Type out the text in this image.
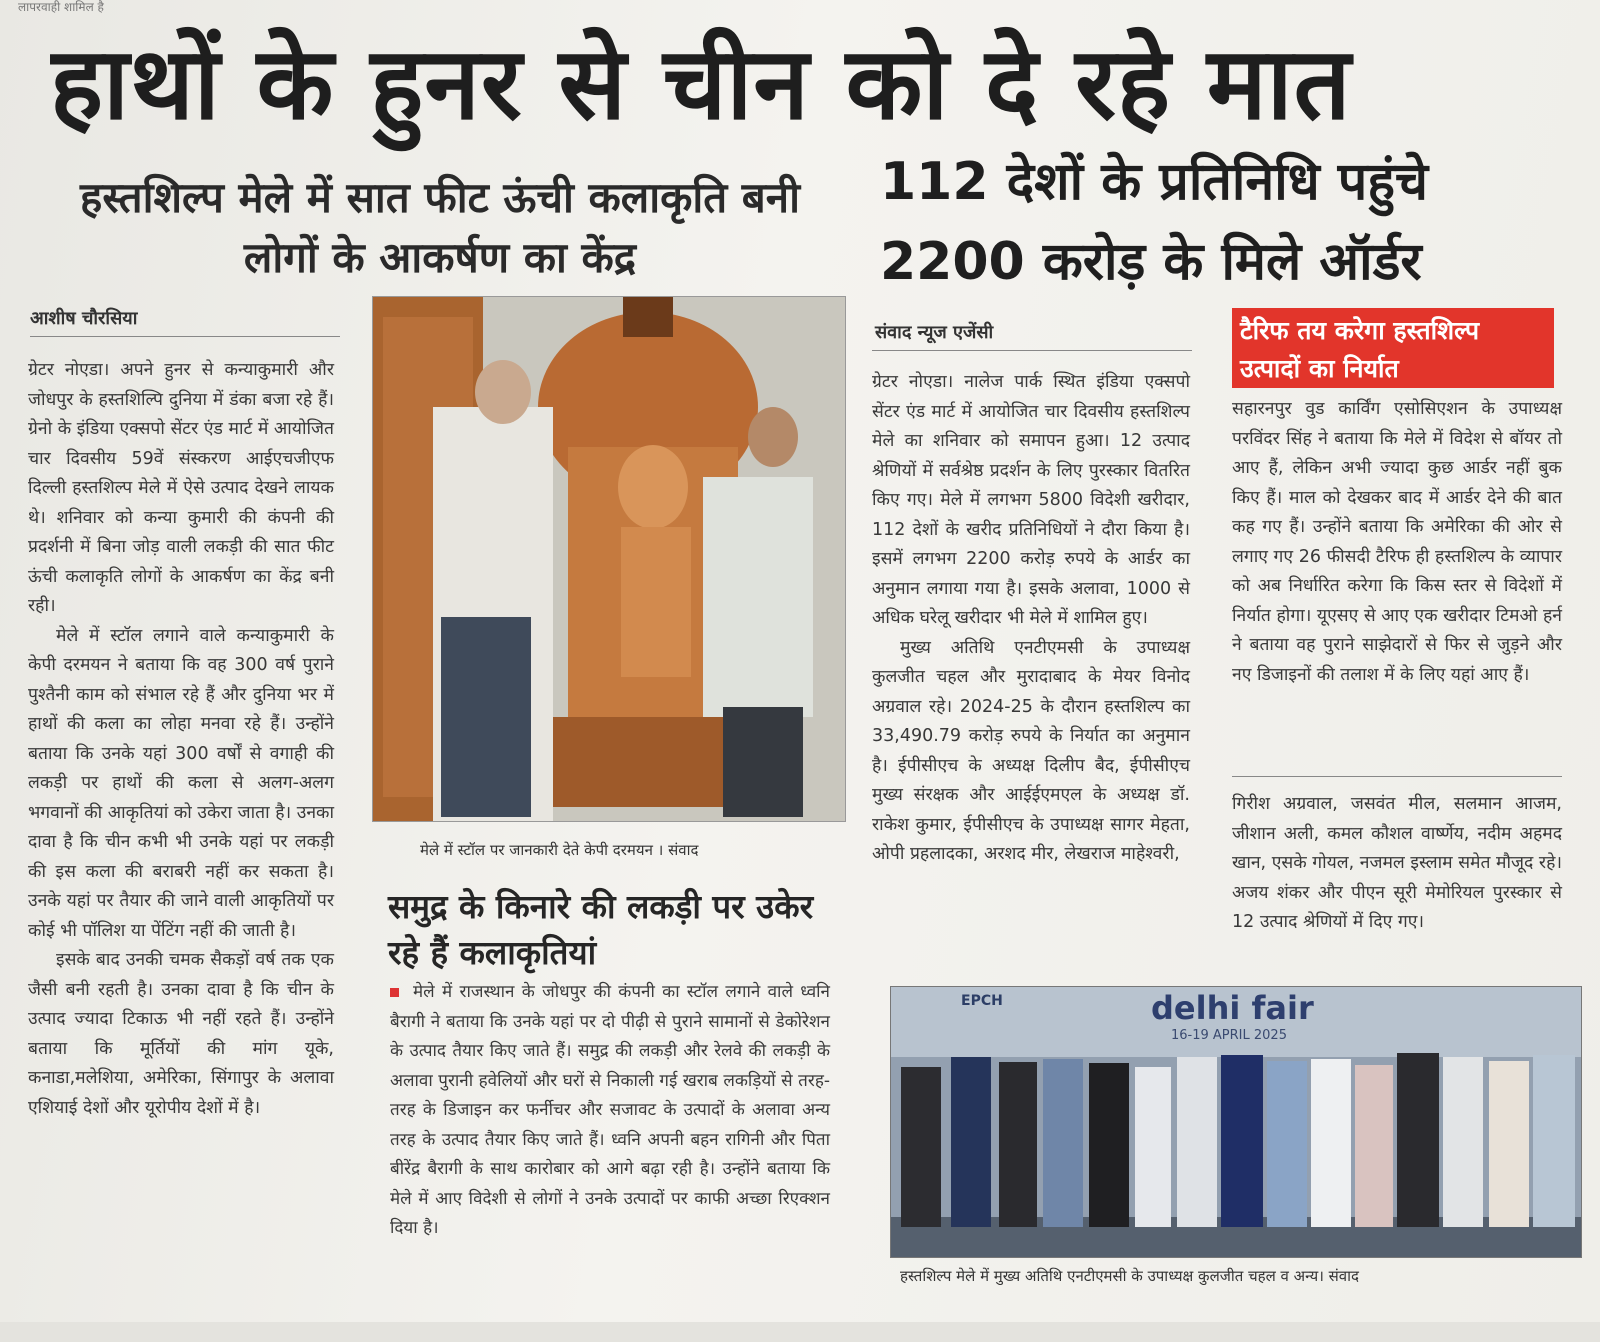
लापरवाही शामिल है
हाथों के हुनर से चीन को दे रहे मात
हस्तशिल्प मेले में सात फीट ऊंची कलाकृति बनी लोगों के आकर्षण का केंद्र
112 देशों के प्रतिनिधि पहुंचे
2200 करोड़ के मिले ऑर्डर
आशीष चौरसिया

ग्रेटर नोएडा। अपने हुनर से कन्याकुमारी और जोधपुर के हस्तशिल्पि दुनिया में डंका बजा रहे हैं। ग्रेनो के इंडिया एक्सपो सेंटर एंड मार्ट में आयोजित चार दिवसीय 59वें संस्करण आईएचजीएफ दिल्ली हस्तशिल्प मेले में ऐसे उत्पाद देखने लायक थे। शनिवार को कन्या कुमारी की कंपनी की प्रदर्शनी में बिना जोड़ वाली लकड़ी की सात फीट ऊंची कलाकृति लोगों के आकर्षण का केंद्र बनी रही।

मेले में स्टॉल लगाने वाले कन्याकुमारी के केपी दरमयन ने बताया कि वह 300 वर्ष पुराने पुश्तैनी काम को संभाल रहे हैं और दुनिया भर में हाथों की कला का लोहा मनवा रहे हैं। उन्होंने बताया कि उनके यहां 300 वर्षों से वगाही की लकड़ी पर हाथों की कला से अलग-अलग भगवानों की आकृतियां को उकेरा जाता है। उनका दावा है कि चीन कभी भी उनके यहां पर लकड़ी की इस कला की बराबरी नहीं कर सकता है। उनके यहां पर तैयार की जाने वाली आकृतियों पर कोई भी पॉलिश या पेंटिंग नहीं की जाती है।

इसके बाद उनकी चमक सैकड़ों वर्ष तक एक जैसी बनी रहती है। उनका दावा है कि चीन के उत्पाद ज्यादा टिकाऊ भी नहीं रहते हैं। उन्होंने बताया कि मूर्तियों की मांग यूके, कनाडा,मलेशिया, अमेरिका, सिंगापुर के अलावा एशियाई देशों और यूरोपीय देशों में है।

मेले में स्टॉल पर जानकारी देते केपी दरमयन । संवाद
समुद्र के किनारे की लकड़ी पर उकेर रहे हैं कलाकृतियां
मेले में राजस्थान के जोधपुर की कंपनी का स्टॉल लगाने वाले ध्वनि बैरागी ने बताया कि उनके यहां पर दो पीढ़ी से पुराने सामानों से डेकोरेशन के उत्पाद तैयार किए जाते हैं। समुद्र की लकड़ी और रेलवे की लकड़ी के अलावा पुरानी हवेलियों और घरों से निकाली गई खराब लकड़ियों से तरह-तरह के डिजाइन कर फर्नीचर और सजावट के उत्पादों के अलावा अन्य तरह के उत्पाद तैयार किए जाते हैं। ध्वनि अपनी बहन रागिनी और पिता बीरेंद्र बैरागी के साथ कारोबार को आगे बढ़ा रही है। उन्होंने बताया कि मेले में आए विदेशी से लोगों ने उनके उत्पादों पर काफी अच्छा रिएक्शन दिया है।
संवाद न्यूज एजेंसी

ग्रेटर नोएडा। नालेज पार्क स्थित इंडिया एक्सपो सेंटर एंड मार्ट में आयोजित चार दिवसीय हस्तशिल्प मेले का शनिवार को समापन हुआ। 12 उत्पाद श्रेणियों में सर्वश्रेष्ठ प्रदर्शन के लिए पुरस्कार वितरित किए गए। मेले में लगभग 5800 विदेशी खरीदार, 112 देशों के खरीद प्रतिनिधियों ने दौरा किया है। इसमें लगभग 2200 करोड़ रुपये के आर्डर का अनुमान लगाया गया है। इसके अलावा, 1000 से अधिक घरेलू खरीदार भी मेले में शामिल हुए।

मुख्य अतिथि एनटीएमसी के उपाध्यक्ष कुलजीत चहल और मुरादाबाद के मेयर विनोद अग्रवाल रहे। 2024-25 के दौरान हस्तशिल्प का 33,490.79 करोड़ रुपये के निर्यात का अनुमान है। ईपीसीएच के अध्यक्ष दिलीप बैद, ईपीसीएच मुख्य संरक्षक और आईईएमएल के अध्यक्ष डॉ. राकेश कुमार, ईपीसीएच के उपाध्यक्ष सागर मेहता, ओपी प्रहलादका, अरशद मीर, लेखराज माहेश्वरी,

टैरिफ तय करेगा हस्तशिल्प उत्पादों का निर्यात

सहारनपुर वुड कार्विंग एसोसिएशन के उपाध्यक्ष परविंदर सिंह ने बताया कि मेले में विदेश से बॉयर तो आए हैं, लेकिन अभी ज्यादा कुछ आर्डर नहीं बुक किए हैं। माल को देखकर बाद में आर्डर देने की बात कह गए हैं। उन्होंने बताया कि अमेरिका की ओर से लगाए गए 26 फीसदी टैरिफ ही हस्तशिल्प के व्यापार को अब निर्धारित करेगा कि किस स्तर से विदेशों में निर्यात होगा। यूएसए से आए एक खरीदार टिमओ हर्न ने बताया वह पुराने साझेदारों से फिर से जुड़ने और नए डिजाइनों की तलाश में के लिए यहां आए हैं।

गिरीश अग्रवाल, जसवंत मील, सलमान आजम, जीशान अली, कमल कौशल वार्ष्णेय, नदीम अहमद खान, एसके गोयल, नजमल इस्लाम समेत मौजूद रहे। अजय शंकर और पीएन सूरी मेमोरियल पुरस्कार से 12 उत्पाद श्रेणियों में दिए गए।

EPCH	delhi fair
16-19 APRIL 2025
हस्तशिल्प मेले में मुख्य अतिथि एनटीएमसी के उपाध्यक्ष कुलजीत चहल व अन्य। संवाद
